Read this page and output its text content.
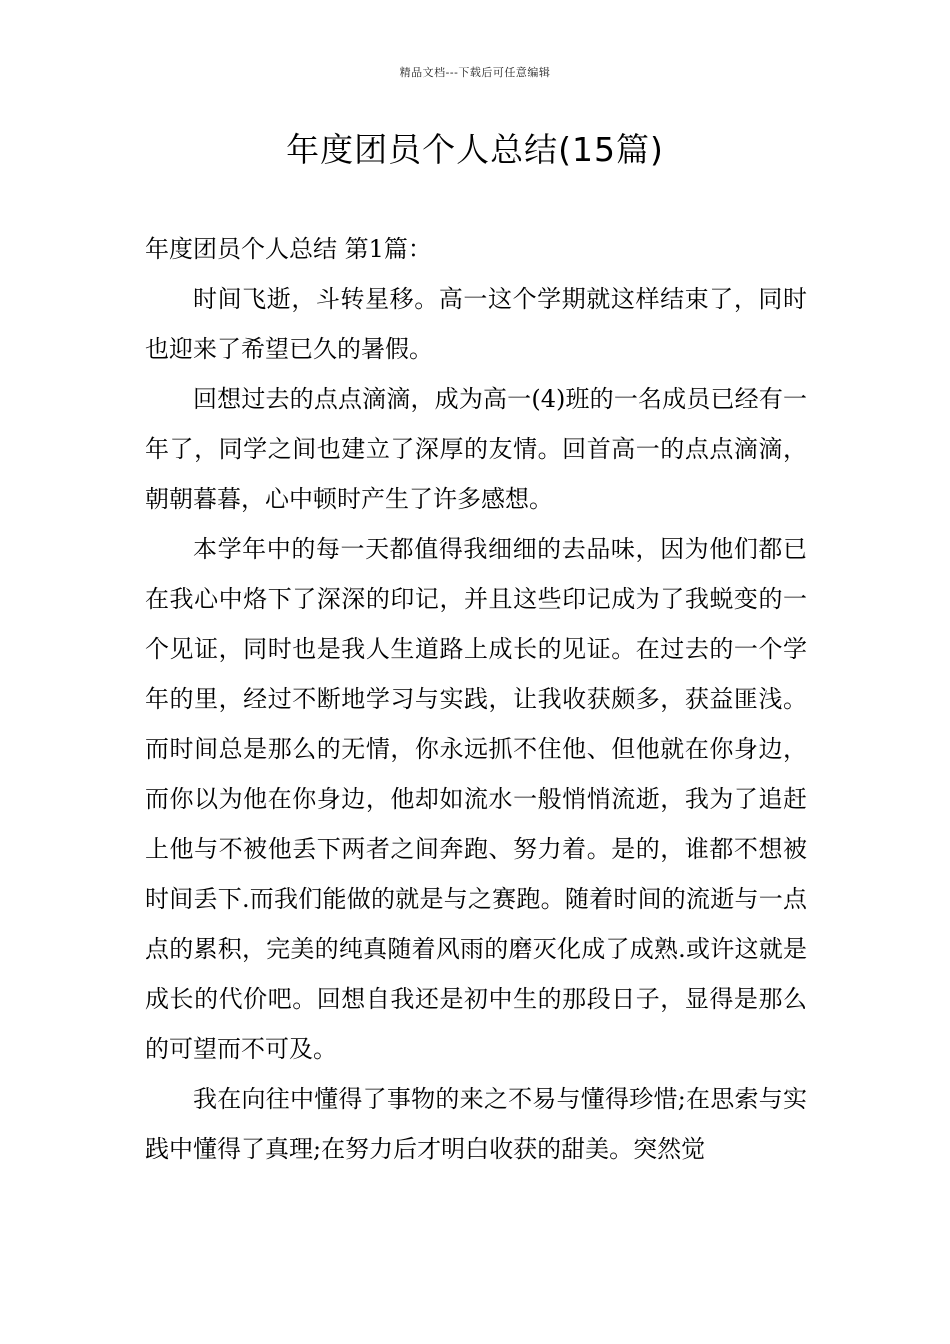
精品文档---下载后可任意编辑
年度团员个人总结(15篇)

年度团员个人总结 第1篇：

时间飞逝，斗转星移。高一这个学期就这样结束了，同时也迎来了希望已久的暑假。

回想过去的点点滴滴，成为高一(4)班的一名成员已经有一年了，同学之间也建立了深厚的友情。回首高一的点点滴滴，朝朝暮暮，心中顿时产生了许多感想。

本学年中的每一天都值得我细细的去品味，因为他们都已在我心中烙下了深深的印记，并且这些印记成为了我蜕变的一个见证，同时也是我人生道路上成长的见证。在过去的一个学年的里，经过不断地学习与实践，让我收获颇多，获益匪浅。而时间总是那么的无情，你永远抓不住他、但他就在你身边，而你以为他在你身边，他却如流水一般悄悄流逝，我为了追赶上他与不被他丢下两者之间奔跑、努力着。是的，谁都不想被时间丢下.而我们能做的就是与之赛跑。随着时间的流逝与一点点的累积，完美的纯真随着风雨的磨灭化成了成熟.或许这就是成长的代价吧。回想自我还是初中生的那段日子，显得是那么的可望而不可及。

我在向往中懂得了事物的来之不易与懂得珍惜;在思索与实践中懂得了真理;在努力后才明白收获的甜美。突然觉
